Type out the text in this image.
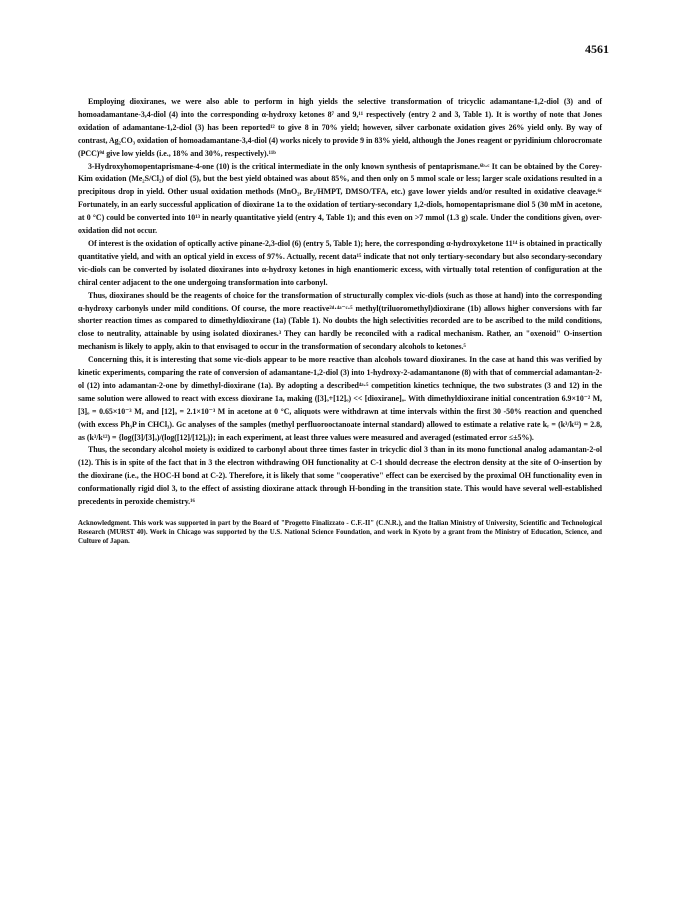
4561

Employing dioxiranes, we were also able to perform in high yields the selective transformation of tricyclic adamantane-1,2-diol (3) and of homoadamantane-3,4-diol (4) into the corresponding α-hydroxy ketones 8⁷ and 9,¹¹ respectively (entry 2 and 3, Table 1). It is worthy of note that Jones oxidation of adamantane-1,2-diol (3) has been reported¹² to give 8 in 70% yield; however, silver carbonate oxidation gives 26% yield only. By way of contrast, Ag₂CO₃ oxidation of homoadamantane-3,4-diol (4) works nicely to provide 9 in 83% yield, although the Jones reagent or pyridinium chlorocromate (PCC)⁹ᵈ give low yields (i.e., 18% and 30%, respectively).¹¹ᵇ

3-Hydroxyhomopentaprismane-4-one (10) is the critical intermediate in the only known synthesis of pentaprismane.⁶ᵇ·ᶜ It can be obtained by the Corey-Kim oxidation (Me₂S/Cl₂) of diol (5), but the best yield obtained was about 85%, and then only on 5 mmol scale or less; larger scale oxidations resulted in a precipitous drop in yield. Other usual oxidation methods (MnO₂, Br₂/HMPT, DMSO/TFA, etc.) gave lower yields and/or resulted in oxidative cleavage.⁶ᶜ Fortunately, in an early successful application of dioxirane 1a to the oxidation of tertiary-secondary 1,2-diols, homopentaprismane diol 5 (30 mM in acetone, at 0 °C) could be converted into 10¹³ in nearly quantitative yield (entry 4, Table 1); and this even on >7 mmol (1.3 g) scale. Under the conditions given, over-oxidation did not occur.

Of interest is the oxidation of optically active pinane-2,3-diol (6) (entry 5, Table 1); here, the corresponding α-hydroxyketone 11¹⁴ is obtained in practically quantitative yield, and with an optical yield in excess of 97%. Actually, recent data¹⁵ indicate that not only tertiary-secondary but also secondary-secondary vic-diols can be converted by isolated dioxiranes into α-hydroxy ketones in high enantiomeric excess, with virtually total retention of configuration at the chiral center adjacent to the one undergoing transformation into carbonyl.

Thus, dioxiranes should be the reagents of choice for the transformation of structurally complex vic-diols (such as those at hand) into the corresponding α-hydroxy carbonyls under mild conditions. Of course, the more reactive²ᵈ·⁴ᵃ⁻ᶜ·⁵ methyl(triluoromethyl)dioxirane (1b) allows higher conversions with far shorter reaction times as compared to dimethyldioxirane (1a) (Table 1). No doubts the high selectivities recorded are to be ascribed to the mild conditions, close to neutrality, attainable by using isolated dioxiranes.³ They can hardly be reconciled with a radical mechanism. Rather, an "oxenoid" O-insertion mechanism is likely to apply, akin to that envisaged to occur in the transformation of secondary alcohols to ketones.⁵

Concerning this, it is interesting that some vic-diols appear to be more reactive than alcohols toward dioxiranes. In the case at hand this was verified by kinetic experiments, comparing the rate of conversion of adamantane-1,2-diol (3) into 1-hydroxy-2-adamantanone (8) with that of commercial adamantan-2-ol (12) into adamantan-2-one by dimethyl-dioxirane (1a). By adopting a described⁴ᵃ·⁵ competition kinetics technique, the two substrates (3 and 12) in the same solution were allowed to react with excess dioxirane 1a, making ([3]ₒ+[12]ₒ) << [dioxirane]ₒ. With dimethyldioxirane initial concentration 6.9×10⁻² M, [3]ₒ = 0.65×10⁻³ M, and [12]ₒ = 2.1×10⁻³ M in acetone at 0 °C, aliquots were withdrawn at time intervals within the first 30 -50% reaction and quenched (with excess Ph₃P in CHCl₃). Gc analyses of the samples (methyl perfluorooctanoate internal standard) allowed to estimate a relative rate kᵣ = (k³/k¹²) = 2.8, as (k³/k¹²) = {log([3]/[3]ₒ)/(log([12]/[12]ₒ)}; in each experiment, at least three values were measured and averaged (estimated error ≤±5%).

Thus, the secondary alcohol moiety is oxidized to carbonyl about three times faster in tricyclic diol 3 than in its mono functional analog adamantan-2-ol (12). This is in spite of the fact that in 3 the electron withdrawing OH functionality at C-1 should decrease the electron density at the site of O-insertion by the dioxirane (i.e., the HOC-H bond at C-2). Therefore, it is likely that some "cooperative" effect can be exercised by the proximal OH functionality even in conformationally rigid diol 3, to the effect of assisting dioxirane attack through H-bonding in the transition state. This would have several well-established precedents in peroxide chemistry.¹⁶

Acknowledgment. This work was supported in part by the Board of "Progetto Finalizzato - C.F.-II" (C.N.R.), and the Italian Ministry of University, Scientific and Technological Research (MURST 40). Work in Chicago was supported by the U.S. National Science Foundation, and work in Kyoto by a grant from the Ministry of Education, Science, and Culture of Japan.
